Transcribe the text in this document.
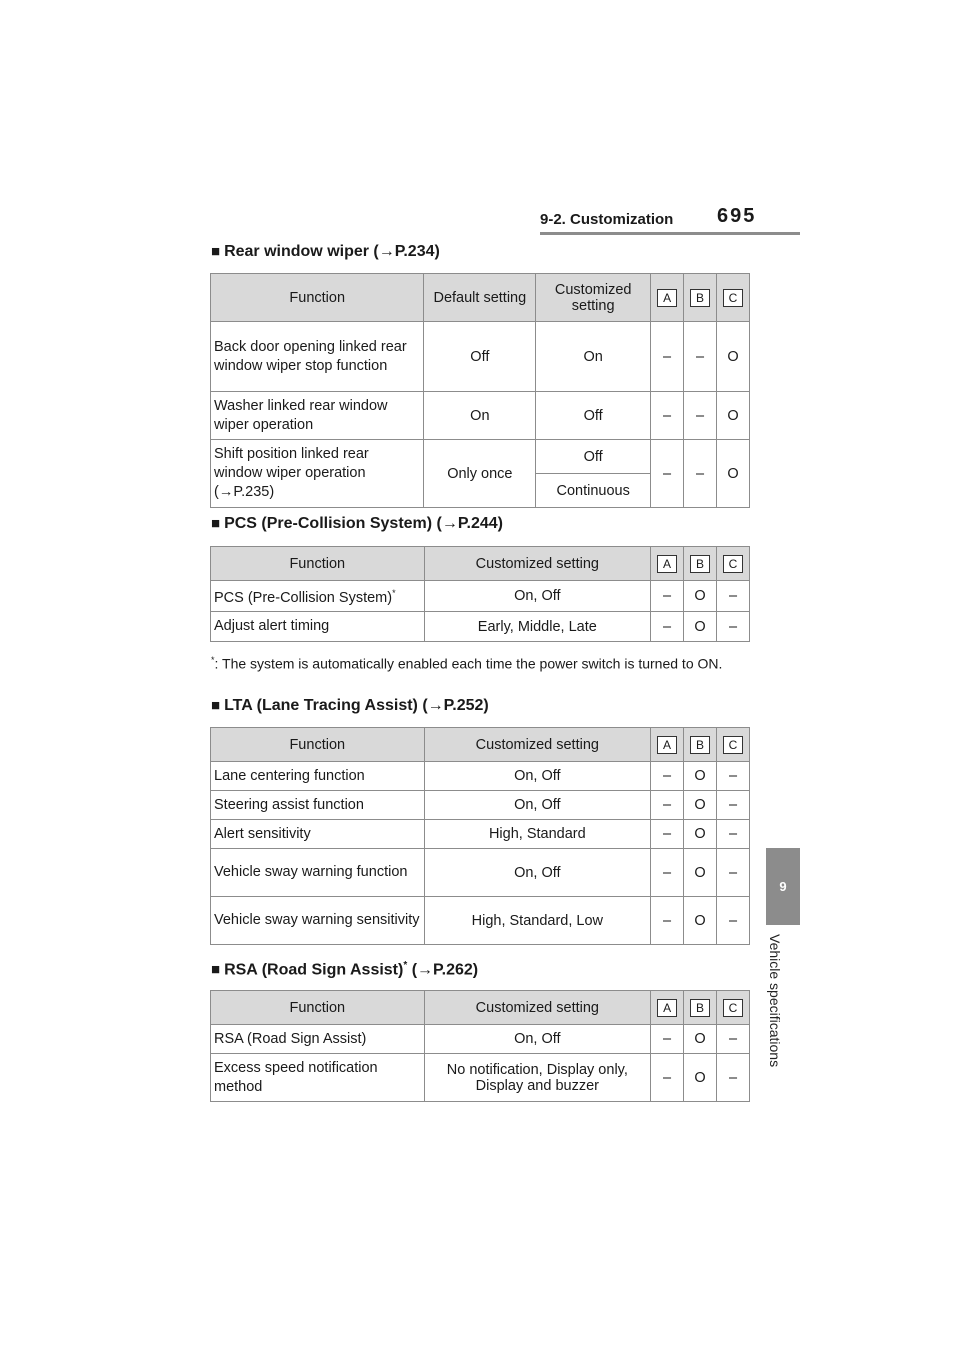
9-2. Customization 695
9
Vehicle specifications
■ Rear window wiper (→P.234)
Function	Default setting	Customized setting	A	B	C
Back door opening linked rear window wiper stop function	Off	On	–	–	O
Washer linked rear window wiper operation	On	Off	–	–	O
Shift position linked rear window wiper operation
(→P.235)	Only once	Off	–	–	O
		Continuous			
■ PCS (Pre-Collision System) (→P.244)
Function	Customized setting	A	B	C
PCS (Pre-Collision System)*	On, Off	–	O	–
Adjust alert timing	Early, Middle, Late	–	O	–
*: The system is automatically enabled each time the power switch is turned to ON.
■ LTA (Lane Tracing Assist) (→P.252)
Function	Customized setting	A	B	C
Lane centering function	On, Off	–	O	–
Steering assist function	On, Off	–	O	–
Alert sensitivity	High, Standard	–	O	–
Vehicle sway warning function	On, Off	–	O	–
Vehicle sway warning sensitivity	High, Standard, Low	–	O	–
■ RSA (Road Sign Assist)* (→P.262)
Function	Customized setting	A	B	C
RSA (Road Sign Assist)	On, Off	–	O	–
Excess speed notification method	No notification, Display only, Display and buzzer	–	O	–
